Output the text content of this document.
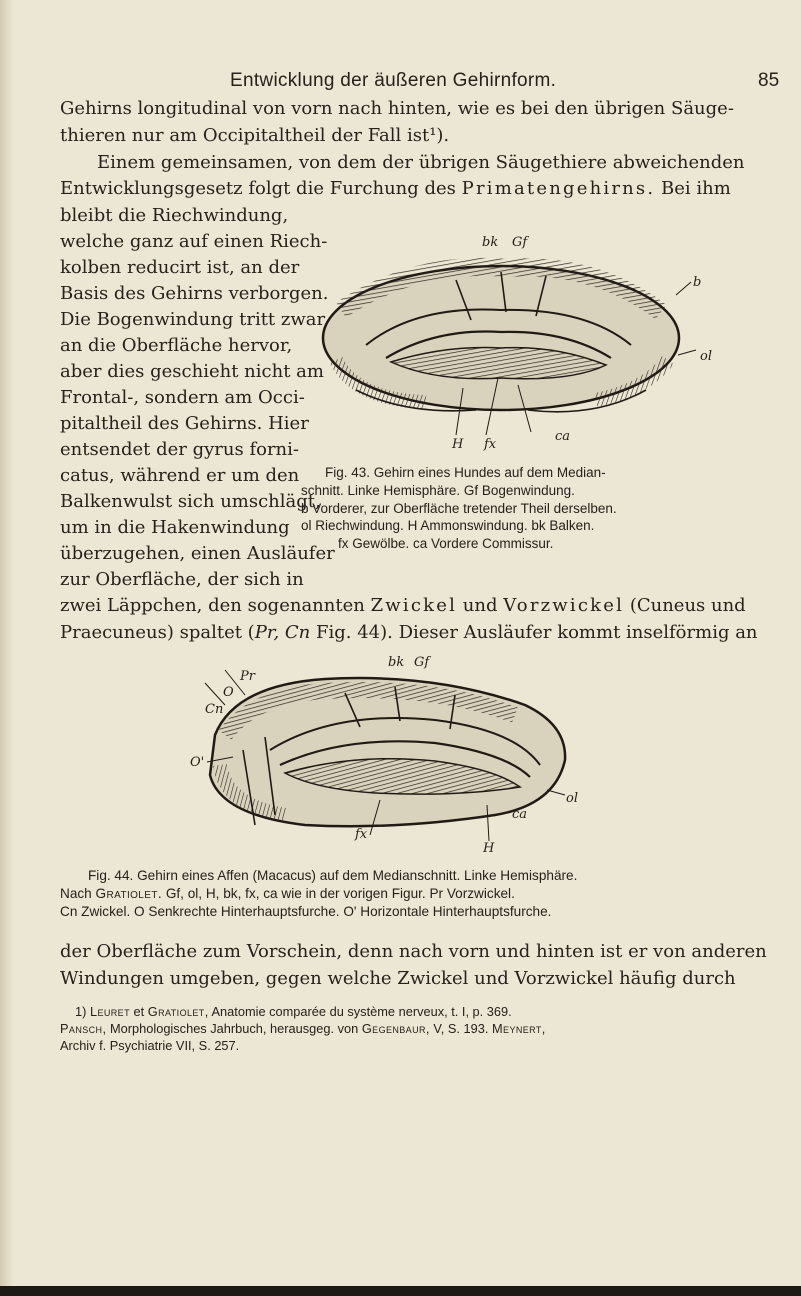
Entwicklung der äußeren Gehirnform.	85
Gehirns longitudinal von vorn nach hinten, wie es bei den übrigen Säuge-
thieren nur am Occipitaltheil der Fall ist¹).
Einem gemeinsamen, von dem der übrigen Säugethiere abweichenden
Entwicklungsgesetz folgt die Furchung des Primatengehirns. Bei ihm
bleibt die Riechwindung,
welche ganz auf einen Riech-
kolben reducirt ist, an der
Basis des Gehirns verborgen.
Die Bogenwindung tritt zwar
an die Oberfläche hervor,
aber dies geschieht nicht am
Frontal-, sondern am Occi-
pitaltheil des Gehirns. Hier
entsendet der gyrus forni-
catus, während er um den
Balkenwulst sich umschlägt,
um in die Hakenwindung
überzugehen, einen Ausläufer
zur Oberfläche, der sich in
bk Gf
b
ol
H fx
ca
Fig. 43. Gehirn eines Hundes auf dem Median-
schnitt. Linke Hemisphäre. Gf Bogenwindung.
b Vorderer, zur Oberfläche tretender Theil derselben.
ol Riechwindung. H Ammonswindung. bk Balken.
fx Gewölbe. ca Vordere Commissur.
zwei Läppchen, den sogenannten Zwickel und Vorzwickel (Cuneus und
Praecuneus) spaltet (Pr, Cn Fig. 44). Dieser Ausläufer kommt inselförmig an
bk Gf
Pr
O
Cn
O'
ol
ca
fx
H
Fig. 44. Gehirn eines Affen (Macacus) auf dem Medianschnitt. Linke Hemisphäre.
Nach Gratiolet. Gf, ol, H, bk, fx, ca wie in der vorigen Figur. Pr Vorzwickel.
Cn Zwickel. O Senkrechte Hinterhauptsfurche. O' Horizontale Hinterhauptsfurche.
der Oberfläche zum Vorschein, denn nach vorn und hinten ist er von anderen
Windungen umgeben, gegen welche Zwickel und Vorzwickel häufig durch
1) Leuret et Gratiolet, Anatomie comparée du système nerveux, t. I, p. 369.
Pansch, Morphologisches Jahrbuch, herausgeg. von Gegenbaur, V, S. 193. Meynert,
Archiv f. Psychiatrie VII, S. 257.
